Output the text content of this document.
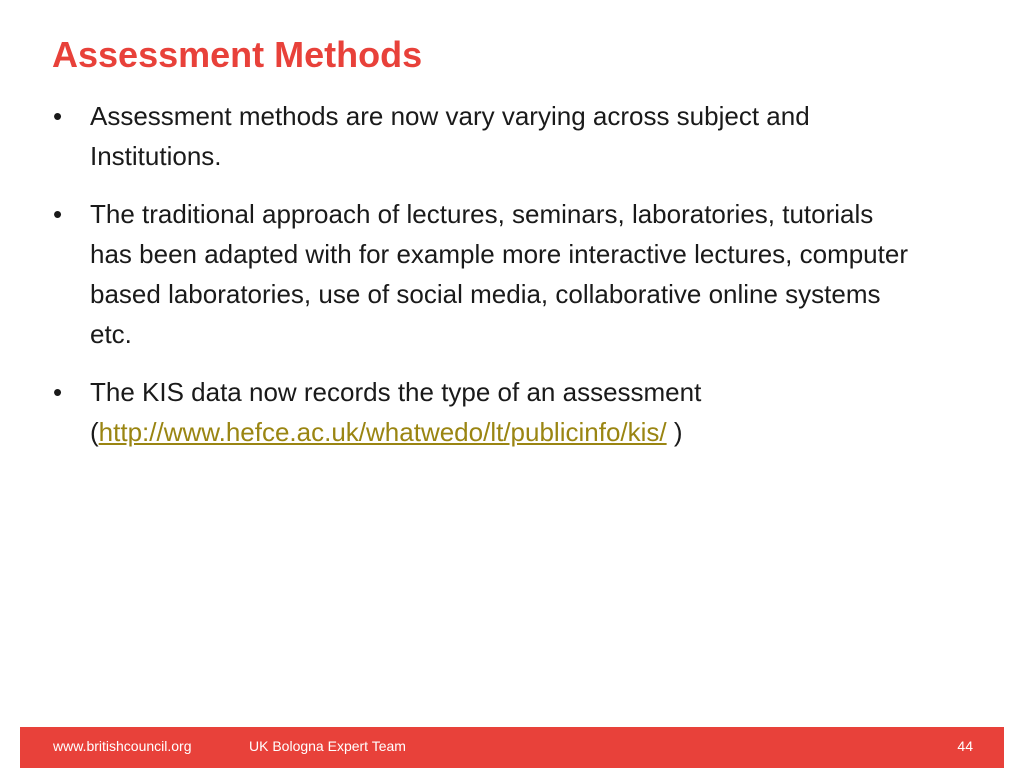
Assessment Methods
• Assessment methods are now vary varying across subject and Institutions.
• The traditional approach of lectures, seminars, laboratories, tutorials has been adapted with for example more interactive lectures, computer based laboratories, use of social media, collaborative online systems etc.
• The KIS data now records the type of an assessment (http://www.hefce.ac.uk/whatwedo/lt/publicinfo/kis/ )
www.britishcouncil.org	UK Bologna Expert Team	44
